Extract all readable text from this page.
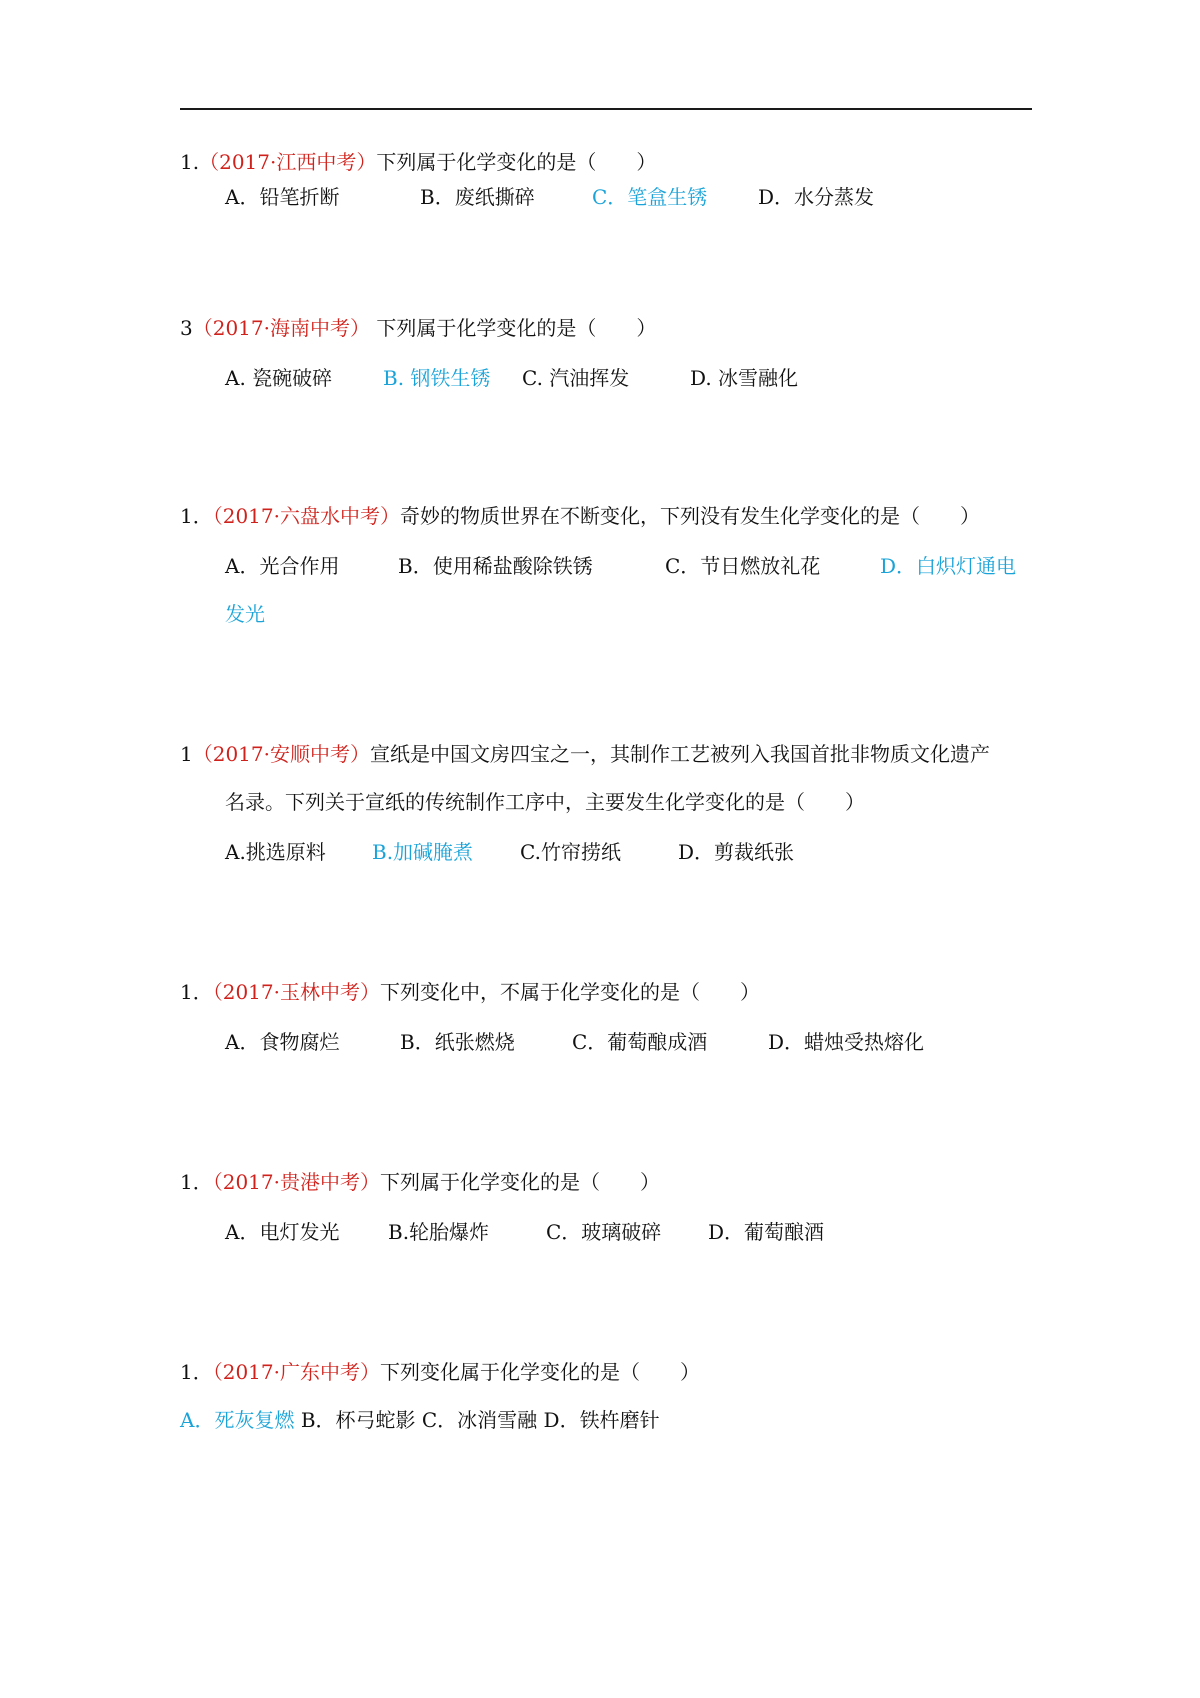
1.（2017·江西中考）下列属于化学变化的是（　　）
A．铅笔折断	B．废纸撕碎	C．笔盒生锈	D．水分蒸发
3（2017·海南中考） 下列属于化学变化的是（　　）
A. 瓷碗破碎	B. 钢铁生锈 C. 汽油挥发	D. 冰雪融化
1．（2017·六盘水中考）奇妙的物质世界在不断变化，下列没有发生化学变化的是（　　）
A．光合作用	B．使用稀盐酸除铁锈	C．节日燃放礼花	D．白炽灯通电
发光
1（2017·安顺中考）宣纸是中国文房四宝之一，其制作工艺被列入我国首批非物质文化遗产
名录。下列关于宣纸的传统制作工序中，主要发生化学变化的是（　　）
A.挑选原料 B.加碱腌煮 C.竹帘捞纸	D．剪裁纸张
1．（2017·玉林中考）下列变化中，不属于化学变化的是（　　）
A．食物腐烂	B．纸张燃烧	C．葡萄酿成酒	D．蜡烛受热熔化
1．（2017·贵港中考）下列属于化学变化的是（　　）
A．电灯发光 B.轮胎爆炸	C．玻璃破碎 D．葡萄酿酒
1．（2017·广东中考）下列变化属于化学变化的是（　　）
A．死灰复燃 B．杯弓蛇影 C．冰消雪融 D．铁杵磨针
